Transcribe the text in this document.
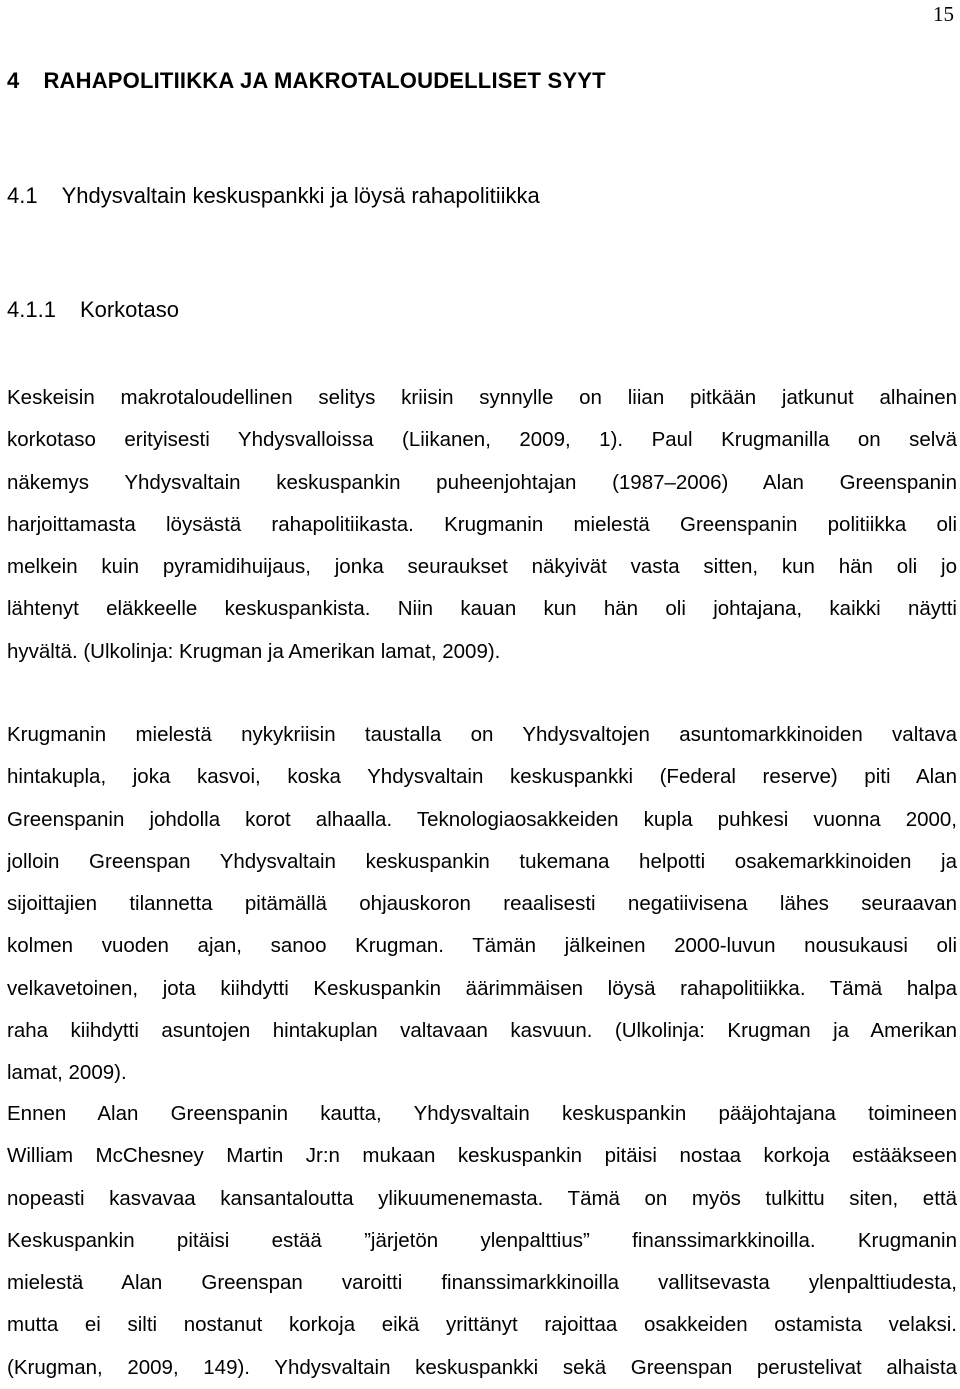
15
4 RAHAPOLITIIKKA JA MAKROTALOUDELLISET SYYT
4.1 Yhdysvaltain keskuspankki ja löysä rahapolitiikka
4.1.1 Korkotaso

Keskeisin makrotaloudellinen selitys kriisin synnylle on liian pitkään jatkunut alhainen
korkotaso erityisesti Yhdysvalloissa (Liikanen, 2009, 1). Paul Krugmanilla on selvä
näkemys Yhdysvaltain keskuspankin puheenjohtajan (1987–2006) Alan Greenspanin
harjoittamasta löysästä rahapolitiikasta. Krugmanin mielestä Greenspanin politiikka oli
melkein kuin pyramidihuijaus, jonka seuraukset näkyivät vasta sitten, kun hän oli jo
lähtenyt eläkkeelle keskuspankista. Niin kauan kun hän oli johtajana, kaikki näytti
hyvältä. (Ulkolinja: Krugman ja Amerikan lamat, 2009).

Krugmanin mielestä nykykriisin taustalla on Yhdysvaltojen asuntomarkkinoiden valtava
hintakupla, joka kasvoi, koska Yhdysvaltain keskuspankki (Federal reserve) piti Alan
Greenspanin johdolla korot alhaalla. Teknologiaosakkeiden kupla puhkesi vuonna 2000,
jolloin Greenspan Yhdysvaltain keskuspankin tukemana helpotti osakemarkkinoiden ja
sijoittajien tilannetta pitämällä ohjauskoron reaalisesti negatiivisena lähes seuraavan
kolmen vuoden ajan, sanoo Krugman. Tämän jälkeinen 2000-luvun nousukausi oli
velkavetoinen, jota kiihdytti Keskuspankin äärimmäisen löysä rahapolitiikka. Tämä halpa
raha kiihdytti asuntojen hintakuplan valtavaan kasvuun. (Ulkolinja: Krugman ja Amerikan
lamat, 2009).

Ennen Alan Greenspanin kautta, Yhdysvaltain keskuspankin pääjohtajana toimineen
William McChesney Martin Jr:n mukaan keskuspankin pitäisi nostaa korkoja estääkseen
nopeasti kasvavaa kansantaloutta ylikuumenemasta. Tämä on myös tulkittu siten, että
Keskuspankin pitäisi estää ”järjetön ylenpalttius” finanssimarkkinoilla. Krugmanin
mielestä Alan Greenspan varoitti finanssimarkkinoilla vallitsevasta ylenpalttiudesta,
mutta ei silti nostanut korkoja eikä yrittänyt rajoittaa osakkeiden ostamista velaksi.
(Krugman, 2009, 149). Yhdysvaltain keskuspankki sekä Greenspan perustelivat alhaista
